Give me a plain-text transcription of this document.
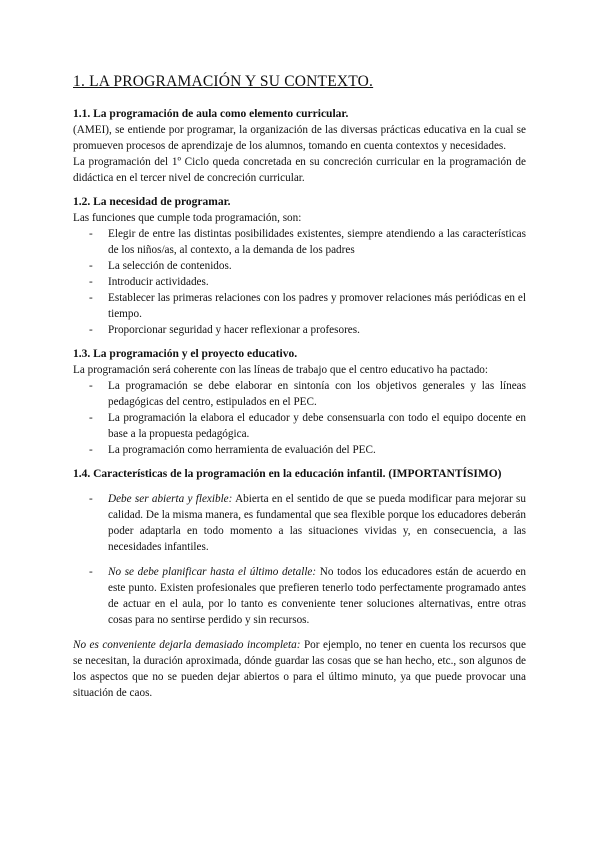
1. LA PROGRAMACIÓN Y SU CONTEXTO.
1.1. La programación de aula como elemento curricular.

(AMEI), se entiende por programar, la organización de las diversas prácticas educativa en la cual se promueven procesos de aprendizaje de los alumnos, tomando en cuenta contextos y necesidades.

La programación del 1º Ciclo queda concretada en su concreción curricular en la programación de didáctica en el tercer nivel de concreción curricular.

1.2. La necesidad de programar.

Las funciones que cumple toda programación, son:

- Elegir de entre las distintas posibilidades existentes, siempre atendiendo a las características de los niños/as, al contexto, a la demanda de los padres
- La selección de contenidos.
- Introducir actividades.
- Establecer las primeras relaciones con los padres y promover relaciones más periódicas en el tiempo.
- Proporcionar seguridad y hacer reflexionar a profesores.
1.3. La programación y el proyecto educativo.

La programación será coherente con las líneas de trabajo que el centro educativo ha pactado:

- La programación se debe elaborar en sintonía con los objetivos generales y las líneas pedagógicas del centro, estipulados en el PEC.
- La programación la elabora el educador y debe consensuarla con todo el equipo docente en base a la propuesta pedagógica.
- La programación como herramienta de evaluación del PEC.
1.4. Características de la programación en la educación infantil. (IMPORTANTÍSIMO)
- Debe ser abierta y flexible: Abierta en el sentido de que se pueda modificar para mejorar su calidad. De la misma manera, es fundamental que sea flexible porque los educadores deberán poder adaptarla en todo momento a las situaciones vividas y, en consecuencia, a las necesidades infantiles.
- No se debe planificar hasta el último detalle: No todos los educadores están de acuerdo en este punto. Existen profesionales que prefieren tenerlo todo perfectamente programado antes de actuar en el aula, por lo tanto es conveniente tener soluciones alternativas, entre otras cosas para no sentirse perdido y sin recursos.

No es conveniente dejarla demasiado incompleta: Por ejemplo, no tener en cuenta los recursos que se necesitan, la duración aproximada, dónde guardar las cosas que se han hecho, etc., son algunos de los aspectos que no se pueden dejar abiertos o para el último minuto, ya que puede provocar una situación de caos.
